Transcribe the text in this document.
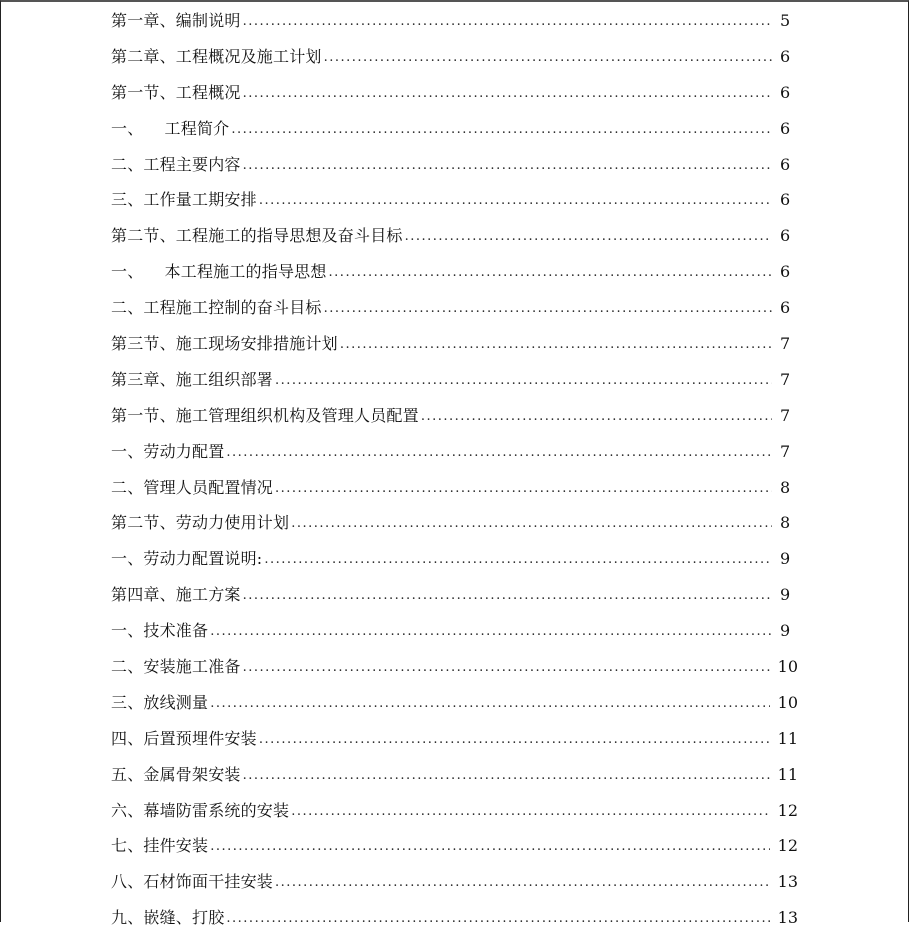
第一章、编制说明 .....	5
第二章、工程概况及施工计划 .....	6
第一节、工程概况 .....	6
一、    工程简介 .....	6
二、工程主要内容 .....	6
三、工作量工期安排 .....	6
第二节、工程施工的指导思想及奋斗目标 .....	6
一、    本工程施工的指导思想 .....	6
二、工程施工控制的奋斗目标 .....	6
第三节、施工现场安排措施计划 .....	7
第三章、施工组织部署 .....	7
第一节、施工管理组织机构及管理人员配置 .....	7
一、劳动力配置 .....	7
二、管理人员配置情况 .....	8
第二节、劳动力使用计划 .....	8
一、劳动力配置说明: .....	9
第四章、施工方案 .....	9
一、技术准备 .....	9
二、安装施工准备 .....	10
三、放线测量 .....	10
四、后置预埋件安装 .....	11
五、金属骨架安装 .....	11
六、幕墙防雷系统的安装 .....	12
七、挂件安装 .....	12
八、石材饰面干挂安装 .....	13
九、嵌缝、打胶 .....	13
